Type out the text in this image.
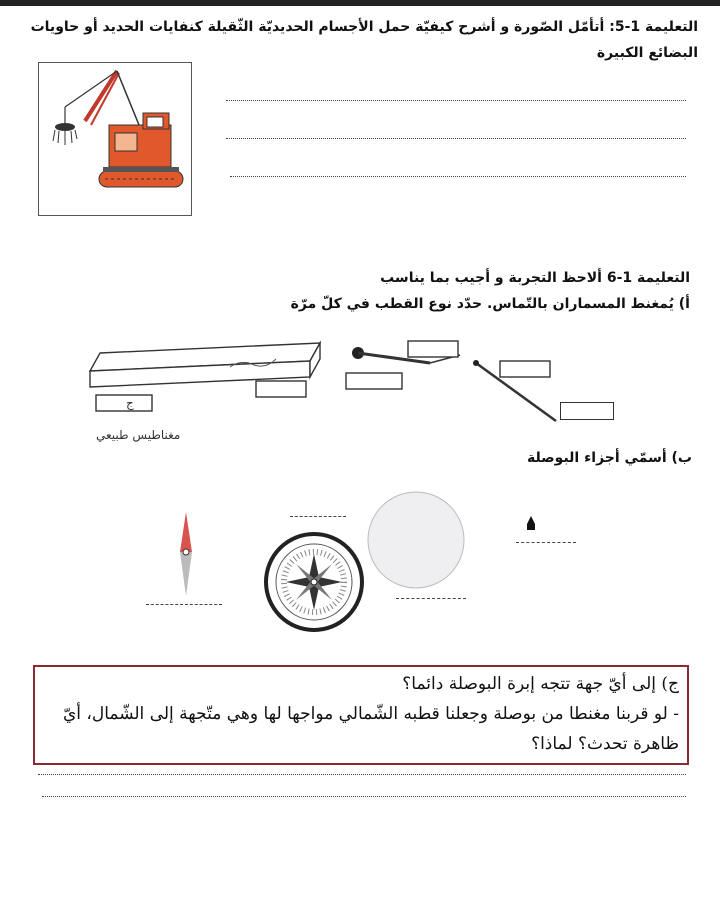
التعليمة 1-5: أتأمّل الصّورة و أشرح كيفيّة حمل الأجسام الحديديّة الثّقيلة كنفايات الحديد أو حاويات البضائع الكبيرة
التعليمة 1-6 ألاحظ التجربة و أجيب بما يناسب
أ) يُمغنط المسماران بالتّماس. حدّد نوع القطب في كلّ مرّة
ج
مغناطيس طبيعي
ب) أسمّي أجزاء البوصلة
ج) إلى أيّ جهة تتجه إبرة البوصلة دائما؟
- لو قربنا مغنطا من بوصلة وجعلنا قطبه الشّمالي مواجها لها وهي متّجهة إلى الشّمال، أيّ
ظاهرة تحدث؟ لماذا؟
